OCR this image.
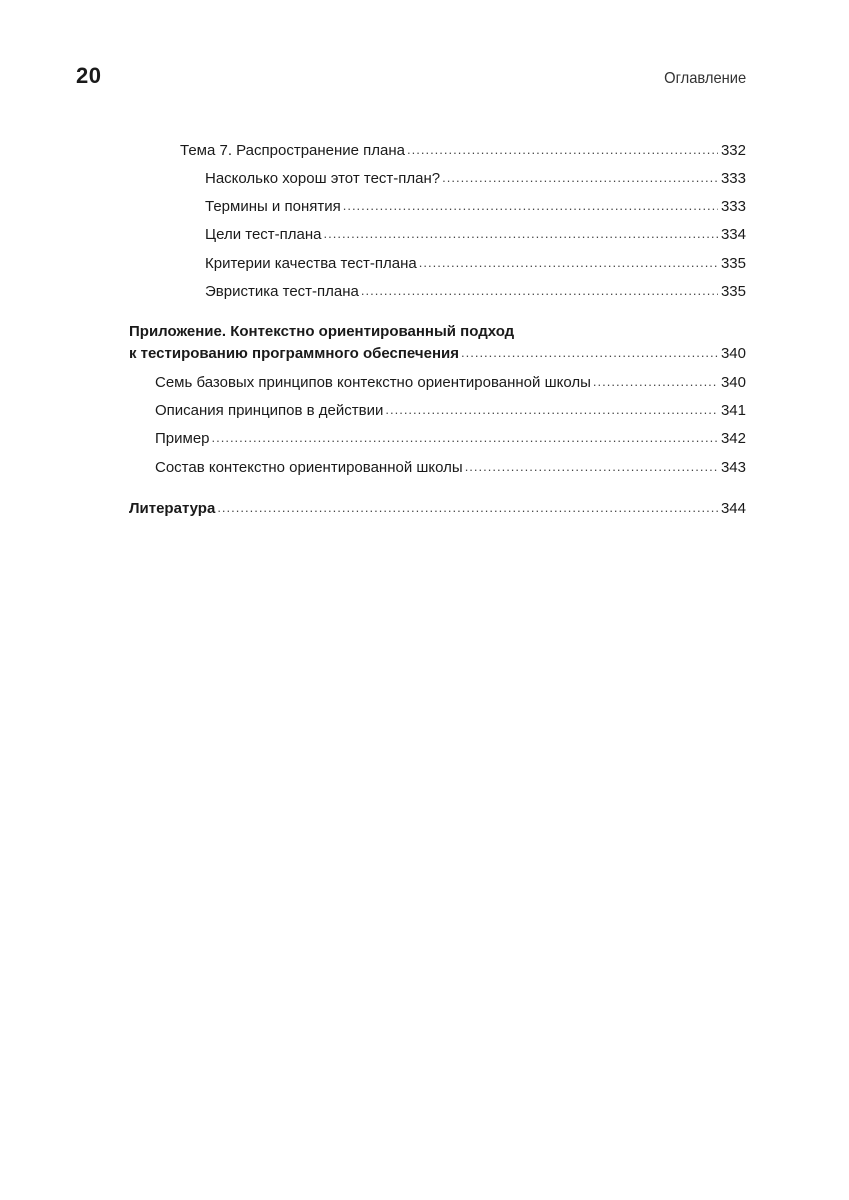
20	Оглавление
Тема 7. Распространение плана .....	332
Насколько хорош этот тест-план? .....	333
Термины и понятия .....	333
Цели тест-плана .....	334
Критерии качества тест-плана .....	335
Эвристика тест-плана .....	335
Приложение. Контекстно ориентированный подход
к тестированию программного обеспечения .....	340
Семь базовых принципов контекстно ориентированной школы .....	340
Описания принципов в действии .....	341
Пример .....	342
Состав контекстно ориентированной школы .....	343
Литература .....	344
